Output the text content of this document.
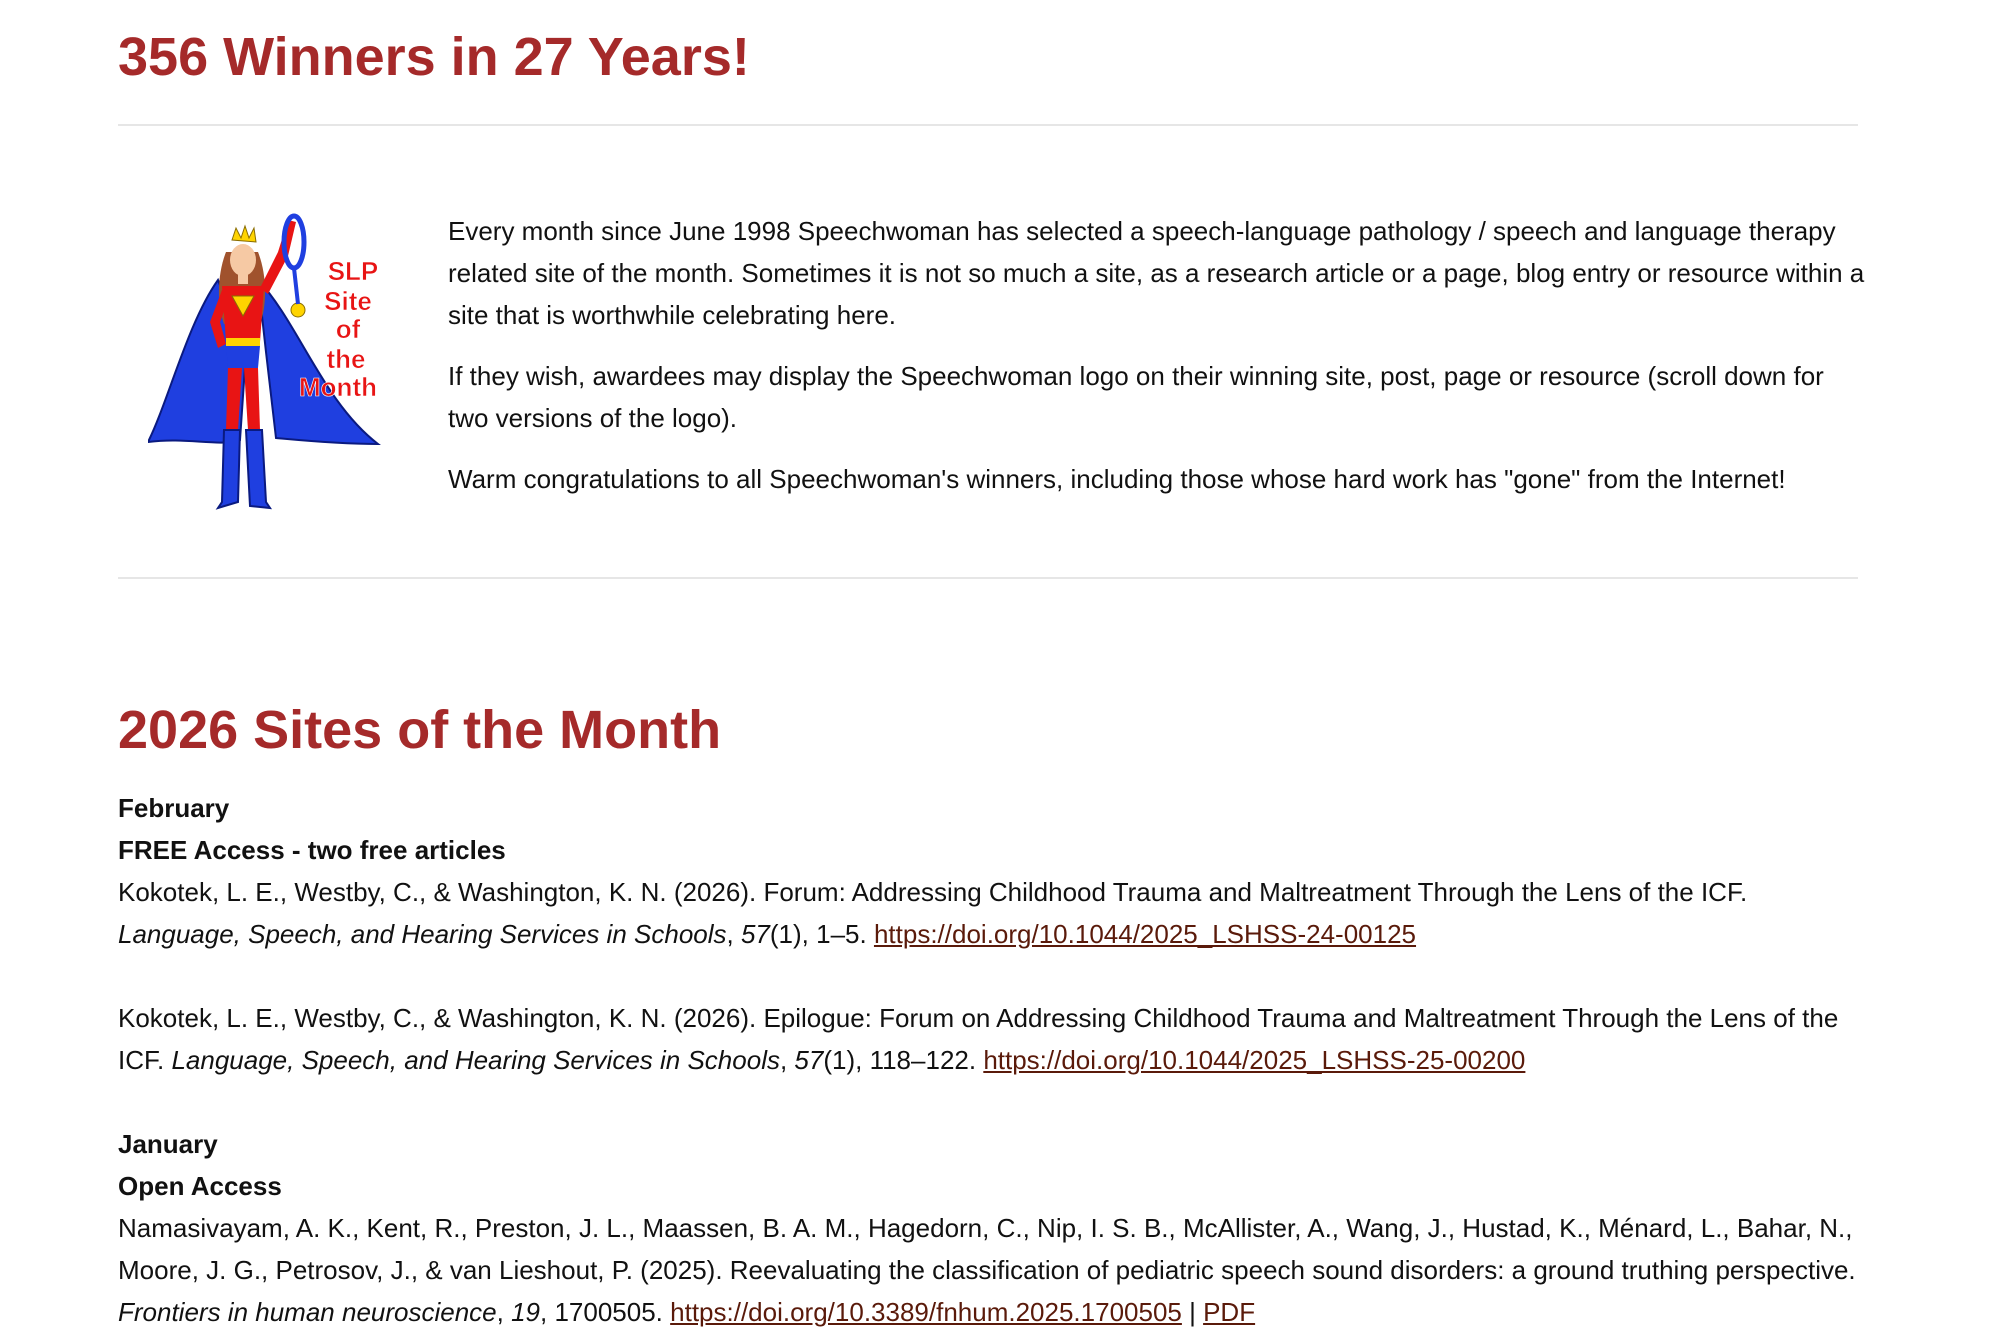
356 Winners in 27 Years!
SLP
Site
of
the
Month

Every month since June 1998 Speechwoman has selected a speech-language pathology / speech and language therapy related site of the month. Sometimes it is not so much a site, as a research article or a page, blog entry or resource within a site that is worthwhile celebrating here.

If they wish, awardees may display the Speechwoman logo on their winning site, post, page or resource (scroll down for two versions of the logo).

Warm congratulations to all Speechwoman's winners, including those whose hard work has "gone" from the Internet!

2026 Sites of the Month

February

FREE Access - two free articles

Kokotek, L. E., Westby, C., & Washington, K. N. (2026). Forum: Addressing Childhood Trauma and Maltreatment Through the Lens of the ICF. Language, Speech, and Hearing Services in Schools, 57(1), 1–5. https://doi.org/10.1044/2025_LSHSS-24-00125

Kokotek, L. E., Westby, C., & Washington, K. N. (2026). Epilogue: Forum on Addressing Childhood Trauma and Maltreatment Through the Lens of the ICF. Language, Speech, and Hearing Services in Schools, 57(1), 118–122. https://doi.org/10.1044/2025_LSHSS-25-00200

January

Open Access

Namasivayam, A. K., Kent, R., Preston, J. L., Maassen, B. A. M., Hagedorn, C., Nip, I. S. B., McAllister, A., Wang, J., Hustad, K., Ménard, L., Bahar, N., Moore, J. G., Petrosov, J., & van Lieshout, P. (2025). Reevaluating the classification of pediatric speech sound disorders: a ground truthing perspective. Frontiers in human neuroscience, 19, 1700505. https://doi.org/10.3389/fnhum.2025.1700505 | PDF
